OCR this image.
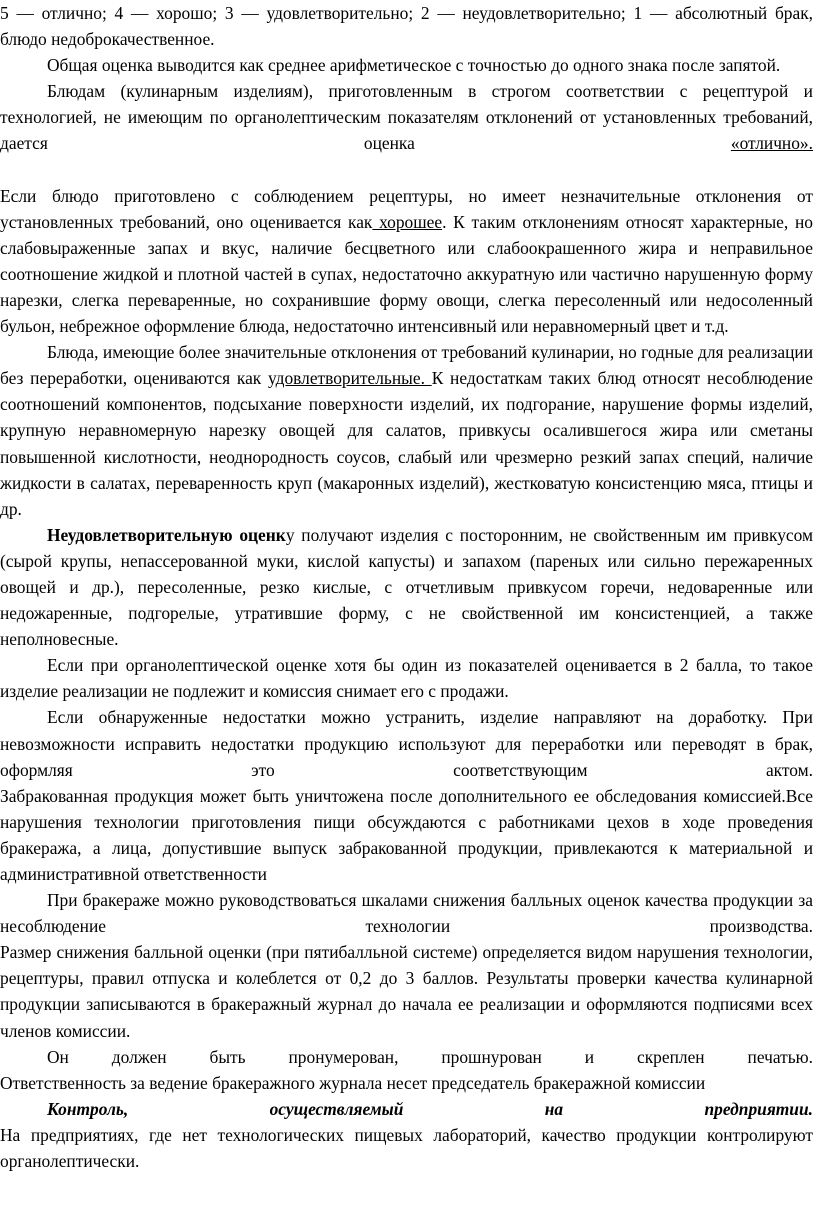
5 — отлично; 4 — хорошо; 3 — удовлетворительно; 2 — неудовлетворительно; 1 — абсолютный брак, блюдо недоброкачественное.

Общая оценка выводится как среднее арифметическое с точностью до одного знака после запятой.

Блюдам (кулинарным изделиям), приготовленным в строгом соответствии с рецептурой и технологией, не имеющим по органолептическим показателям отклонений от установленных требований, дается оценка	«отлично».

Если блюдо приготовлено с соблюдением рецептуры, но имеет незначительные отклонения от установленных требований, оно оценивается как хорошее. К таким отклонениям относят характерные, но слабовыраженные запах и вкус, наличие бесцветного или слабоокрашенного жира и неправильное соотношение жидкой и плотной частей в супах, недостаточно аккуратную или частично нарушенную форму нарезки, слегка переваренные, но сохранившие форму овощи, слегка пересоленный или недосоленный бульон, небрежное оформление блюда, недостаточно интенсивный или неравномерный цвет и т.д.

Блюда, имеющие более значительные отклонения от требований кулинарии, но годные для реализации без переработки, оцениваются как удовлетворительные. К недостаткам таких блюд относят несоблюдение соотношений компонентов, подсыхание поверхности изделий, их подгорание, нарушение формы изделий, крупную неравномерную нарезку овощей для салатов, привкусы осалившегося жира или сметаны повышенной кислотности, неоднородность соусов, слабый или чрезмерно резкий запах специй, наличие жидкости в салатах, переваренность круп (макаронных изделий), жестковатую консистенцию мяса, птицы и др.

Неудовлетворительную оценку получают изделия с посторонним, не свойственным им привкусом (сырой крупы, непассерованной муки, кислой капусты) и запахом (пареных или сильно пережаренных овощей и др.), пересоленные, резко кислые, с отчетливым привкусом горечи, недоваренные или недожаренные, подгорелые, утратившие форму, с не свойственной им консистенцией, а также неполновесные.

Если при органолептической оценке хотя бы один из показателей оценивается в 2 балла, то такое изделие реализации не подлежит и комиссия снимает его с продажи.

Если обнаруженные недостатки можно устранить, изделие направляют на доработку. При невозможности исправить недостатки продукцию используют для переработки или переводят в брак, оформляя это соответствующим актом.

Забракованная продукция может быть уничтожена после дополнительного ее обследования комиссией.Все нарушения технологии приготовления пищи обсуждаются с работниками цехов в ходе проведения бракеража, а лица, допустившие выпуск забракованной продукции, привлекаются к материальной и административной ответственности

При бракераже можно руководствоваться шкалами снижения балльных оценок качества продукции за несоблюдение технологии производства.

Размер снижения балльной оценки (при пятибалльной системе) определяется видом нарушения технологии, рецептуры, правил отпуска и колеблется от 0,2 до 3 баллов. Результаты проверки качества кулинарной продукции записываются в бракеражный журнал до начала ее реализации и оформляются подписями всех членов комиссии.

Он должен быть пронумерован, прошнурован и скреплен печатью.

Ответственность за ведение бракеражного журнала несет председатель бракеражной комиссии

Контроль, осуществляемый на предприятии.

На предприятиях, где нет технологических пищевых лабораторий, качество продукции контролируют органолептически.
